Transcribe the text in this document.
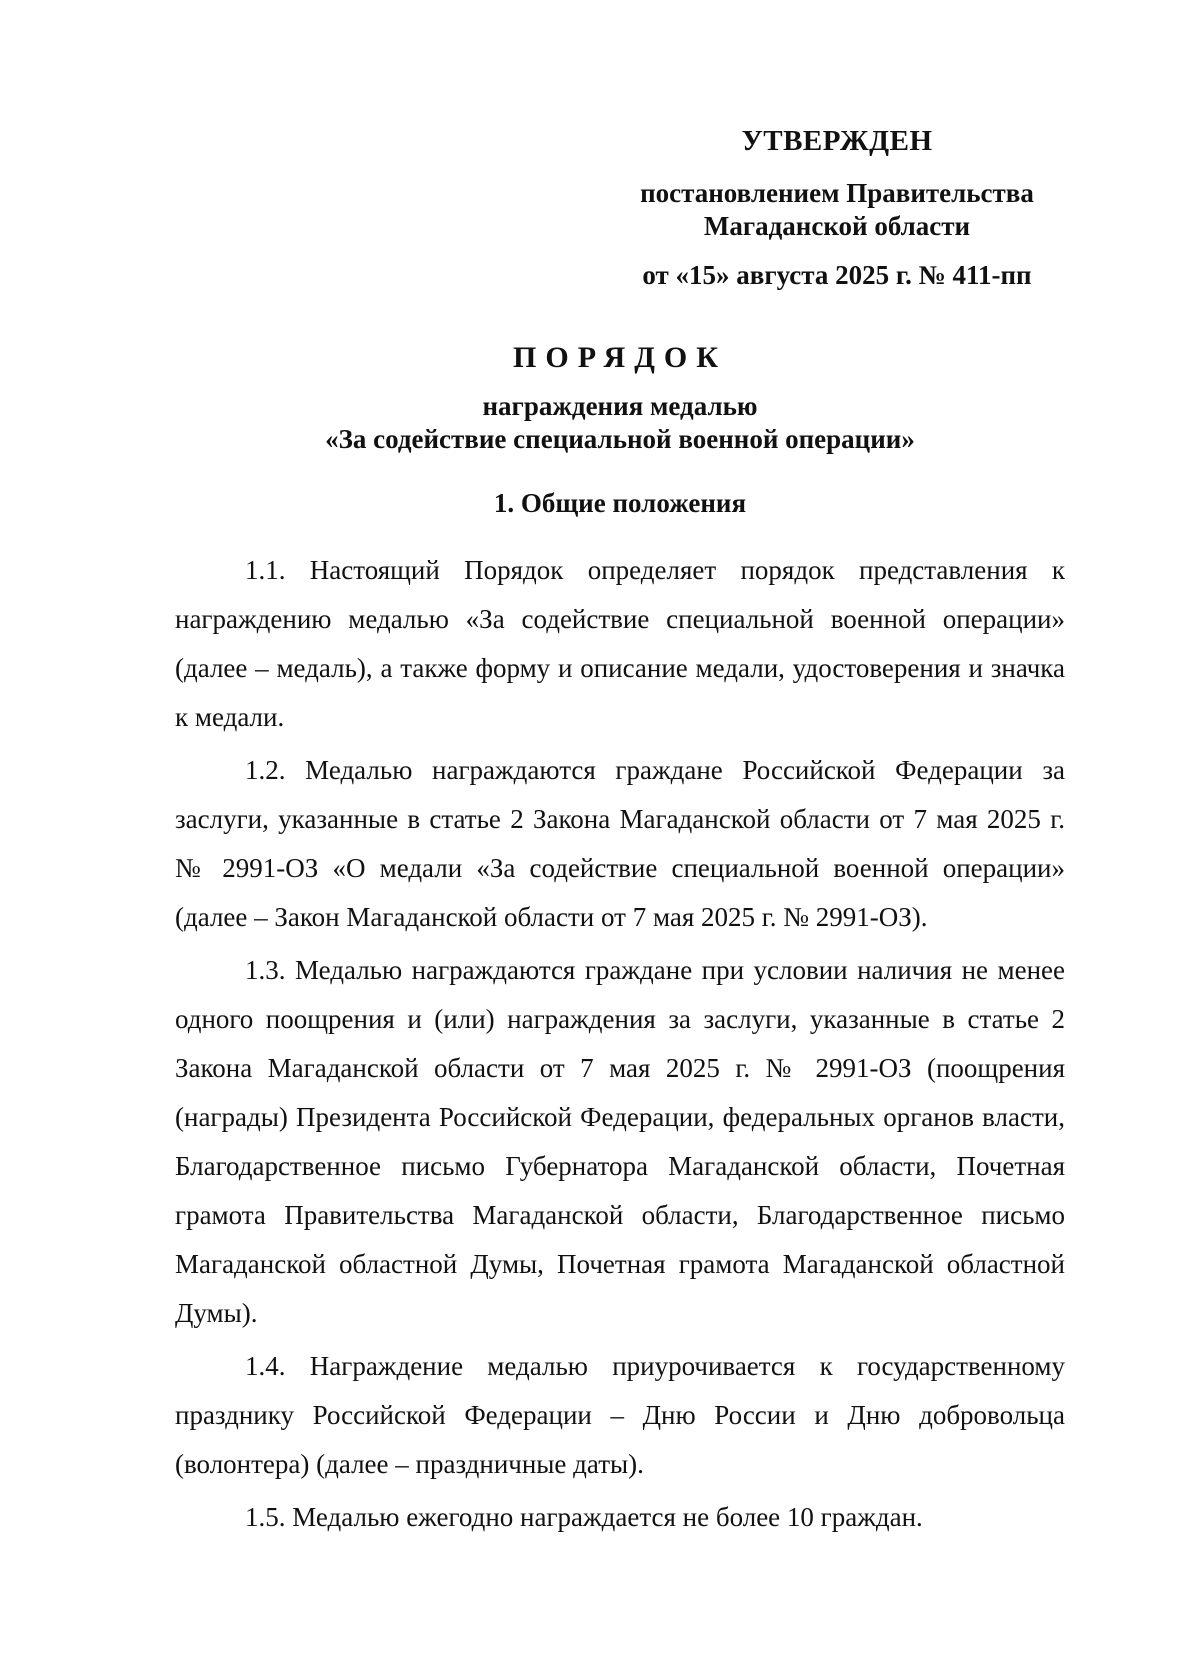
УТВЕРЖДЕН
постановлением Правительства
Магаданской области
от «15» августа 2025 г. № 411-пп
ПОРЯДОК
награждения медалью
«За содействие специальной военной операции»
1. Общие положения

1.1. Настоящий Порядок определяет порядок представления к награждению медалью «За содействие специальной военной операции» (далее – медаль), а также форму и описание медали, удостоверения и значка к медали.

1.2. Медалью награждаются граждане Российской Федерации за заслуги, указанные в статье 2 Закона Магаданской области от 7 мая 2025 г. № 2991-ОЗ «О медали «За содействие специальной военной операции» (далее – Закон Магаданской области от 7 мая 2025 г. № 2991-ОЗ).

1.3. Медалью награждаются граждане при условии наличия не менее одного поощрения и (или) награждения за заслуги, указанные в статье 2 Закона Магаданской области от 7 мая 2025 г. № 2991-ОЗ (поощрения (награды) Президента Российской Федерации, федеральных органов власти, Благодарственное письмо Губернатора Магаданской области, Почетная грамота Правительства Магаданской области, Благодарственное письмо Магаданской областной Думы, Почетная грамота Магаданской областной Думы).

1.4. Награждение медалью приурочивается к государственному празднику Российской Федерации – Дню России и Дню добровольца (волонтера) (далее – праздничные даты).

1.5. Медалью ежегодно награждается не более 10 граждан.
